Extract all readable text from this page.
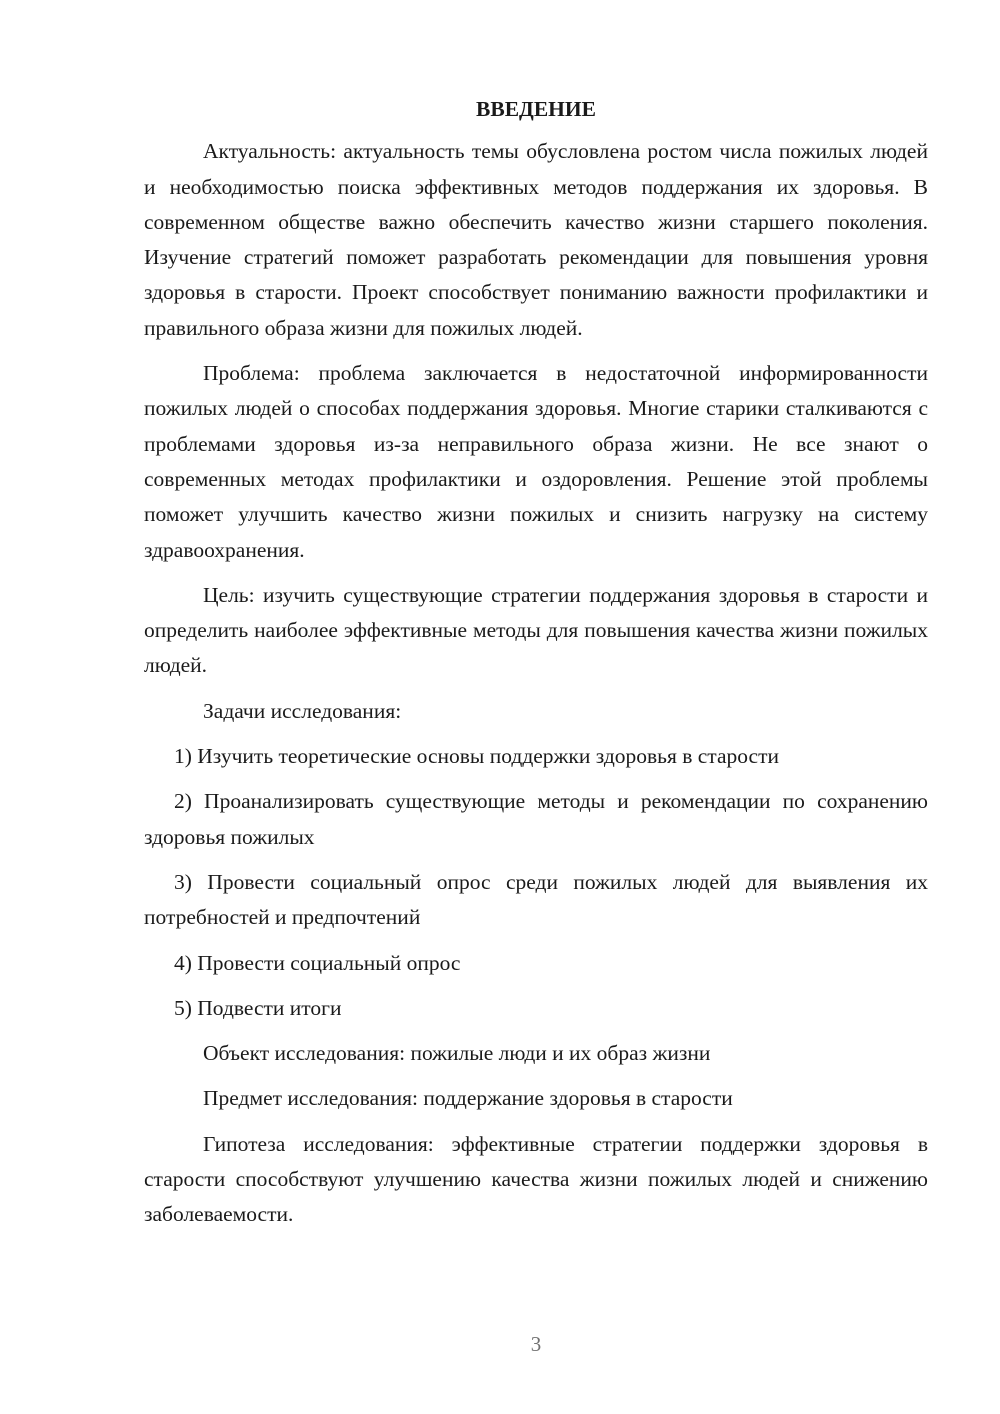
ВВЕДЕНИЕ

Актуальность: актуальность темы обусловлена ростом числа пожилых людей и необходимостью поиска эффективных методов поддержания их здоровья. В современном обществе важно обеспечить качество жизни старшего поколения. Изучение стратегий поможет разработать рекомендации для повышения уровня здоровья в старости. Проект способствует пониманию важности профилактики и правильного образа жизни для пожилых людей.

Проблема: проблема заключается в недостаточной информированности пожилых людей о способах поддержания здоровья. Многие старики сталкиваются с проблемами здоровья из-за неправильного образа жизни. Не все знают о современных методах профилактики и оздоровления. Решение этой проблемы поможет улучшить качество жизни пожилых и снизить нагрузку на систему здравоохранения.

Цель: изучить существующие стратегии поддержания здоровья в старости и определить наиболее эффективные методы для повышения качества жизни пожилых людей.

Задачи исследования:

1) Изучить теоретические основы поддержки здоровья в старости

2) Проанализировать существующие методы и рекомендации по сохранению здоровья пожилых

3) Провести социальный опрос среди пожилых людей для выявления их потребностей и предпочтений

4) Провести социальный опрос

5) Подвести итоги

Объект исследования: пожилые люди и их образ жизни

Предмет исследования: поддержание здоровья в старости

Гипотеза исследования: эффективные стратегии поддержки здоровья в старости способствуют улучшению качества жизни пожилых людей и снижению заболеваемости.

3
